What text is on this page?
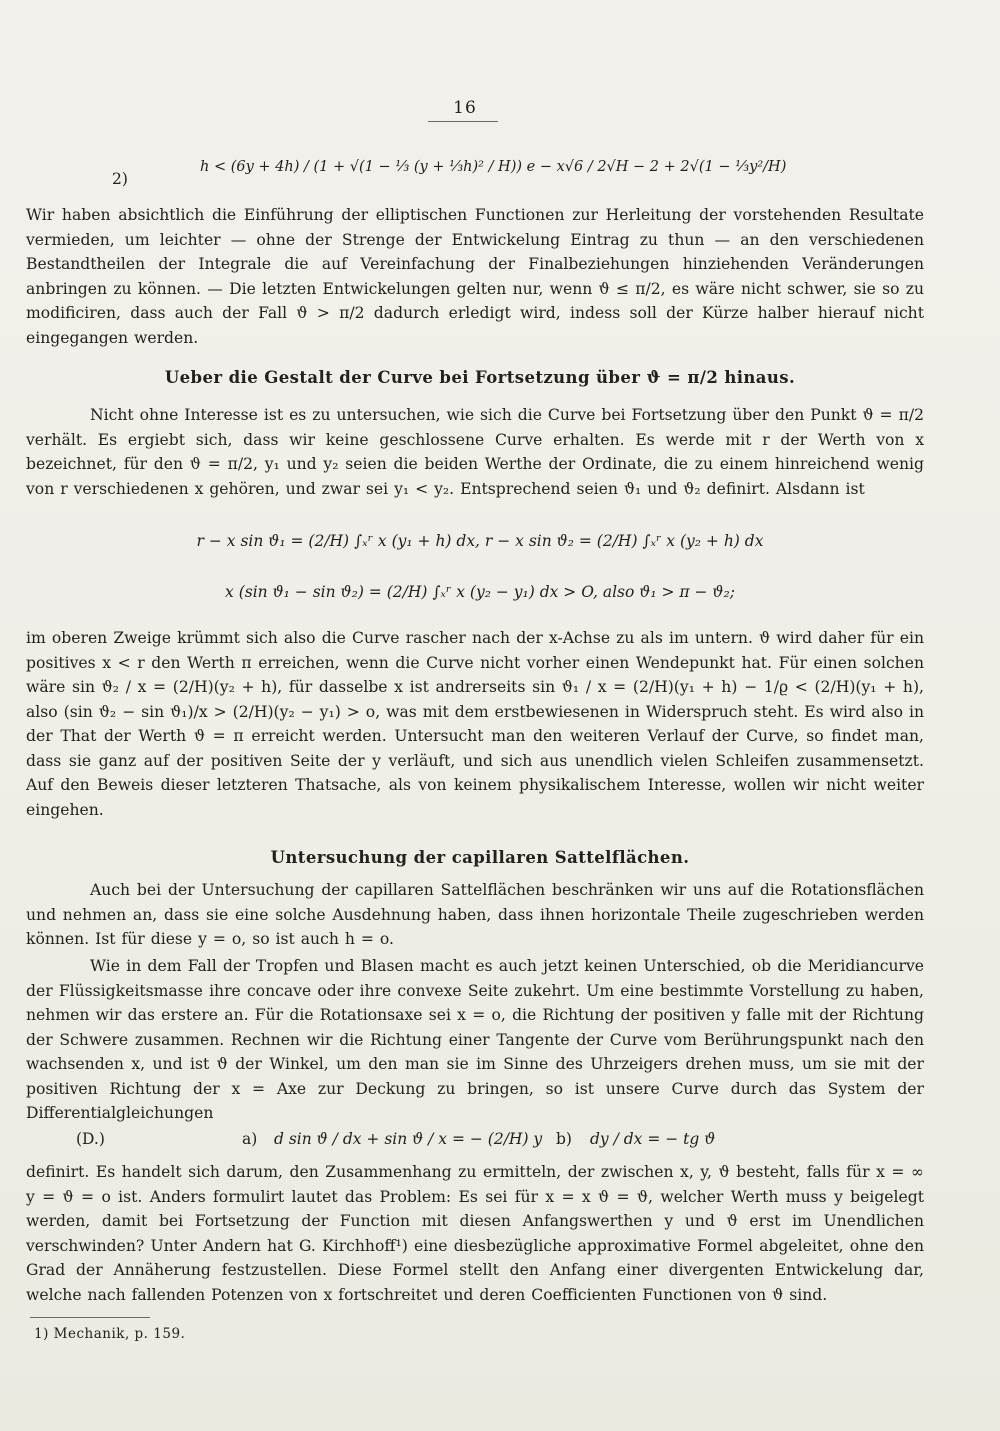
16
2)
h < (6y + 4h) / (1 + √(1 − ⅓ (y + ⅓h)² / H)) e − x√6 / 2√H − 2 + 2√(1 − ⅓y²/H)

Wir haben absichtlich die Einführung der elliptischen Functionen zur Herleitung der vorstehenden Resultate vermieden, um leichter — ohne der Strenge der Entwickelung Eintrag zu thun — an den verschiedenen Bestandtheilen der Integrale die auf Vereinfachung der Finalbeziehungen hinziehenden Veränderungen anbringen zu können. — Die letzten Entwickelungen gelten nur, wenn ϑ ≤ π/2, es wäre nicht schwer, sie so zu modificiren, dass auch der Fall ϑ > π/2 dadurch erledigt wird, indess soll der Kürze halber hierauf nicht eingegangen werden.

Ueber die Gestalt der Curve bei Fortsetzung über ϑ = π/2 hinaus.

Nicht ohne Interesse ist es zu untersuchen, wie sich die Curve bei Fortsetzung über den Punkt ϑ = π/2 verhält. Es ergiebt sich, dass wir keine geschlossene Curve erhalten. Es werde mit r der Werth von x bezeichnet, für den ϑ = π/2, y₁ und y₂ seien die beiden Werthe der Ordinate, die zu einem hinreichend wenig von r verschiedenen x gehören, und zwar sei y₁ < y₂. Entsprechend seien ϑ₁ und ϑ₂ definirt. Alsdann ist

r − x sin ϑ₁ = (2/H) ∫ₓʳ x (y₁ + h) dx, r − x sin ϑ₂ = (2/H) ∫ₓʳ x (y₂ + h) dx
x (sin ϑ₁ − sin ϑ₂) = (2/H) ∫ₓʳ x (y₂ − y₁) dx > O, also ϑ₁ > π − ϑ₂;

im oberen Zweige krümmt sich also die Curve rascher nach der x-Achse zu als im untern. ϑ wird daher für ein positives x < r den Werth π erreichen, wenn die Curve nicht vorher einen Wendepunkt hat. Für einen solchen wäre sin ϑ₂ / x = (2/H)(y₂ + h), für dasselbe x ist andrerseits sin ϑ₁ / x = (2/H)(y₁ + h) − 1/ϱ < (2/H)(y₁ + h), also (sin ϑ₂ − sin ϑ₁)/x > (2/H)(y₂ − y₁) > o, was mit dem erstbewiesenen in Widerspruch steht. Es wird also in der That der Werth ϑ = π erreicht werden. Untersucht man den weiteren Verlauf der Curve, so findet man, dass sie ganz auf der positiven Seite der y verläuft, und sich aus unendlich vielen Schleifen zusammensetzt. Auf den Beweis dieser letzteren Thatsache, als von keinem physikalischem Interesse, wollen wir nicht weiter eingehen.

Untersuchung der capillaren Sattelflächen.

Auch bei der Untersuchung der capillaren Sattelflächen beschränken wir uns auf die Rotationsflächen und nehmen an, dass sie eine solche Ausdehnung haben, dass ihnen horizontale Theile zugeschrieben werden können. Ist für diese y = o, so ist auch h = o.

Wie in dem Fall der Tropfen und Blasen macht es auch jetzt keinen Unterschied, ob die Meridiancurve der Flüssigkeitsmasse ihre concave oder ihre convexe Seite zukehrt. Um eine bestimmte Vorstellung zu haben, nehmen wir das erstere an. Für die Rotationsaxe sei x = o, die Richtung der positiven y falle mit der Richtung der Schwere zusammen. Rechnen wir die Richtung einer Tangente der Curve vom Berührungspunkt nach den wachsenden x, und ist ϑ der Winkel, um den man sie im Sinne des Uhrzeigers drehen muss, um sie mit der positiven Richtung der x = Axe zur Deckung zu bringen, so ist unsere Curve durch das System der Differentialgleichungen

(D.)	a) d sin ϑ / dx + sin ϑ / x = − (2/H) y b) dy / dx = − tg ϑ

definirt. Es handelt sich darum, den Zusammenhang zu ermitteln, der zwischen x, y, ϑ besteht, falls für x = ∞ y = ϑ = o ist. Anders formulirt lautet das Problem: Es sei für x = x ϑ = ϑ, welcher Werth muss y beigelegt werden, damit bei Fortsetzung der Function mit diesen Anfangswerthen y und ϑ erst im Unendlichen verschwinden? Unter Andern hat G. Kirchhoff¹) eine diesbezügliche approximative Formel abgeleitet, ohne den Grad der Annäherung festzustellen. Diese Formel stellt den Anfang einer divergenten Entwickelung dar, welche nach fallenden Potenzen von x fortschreitet und deren Coefficienten Functionen von ϑ sind.

1) Mechanik, p. 159.
